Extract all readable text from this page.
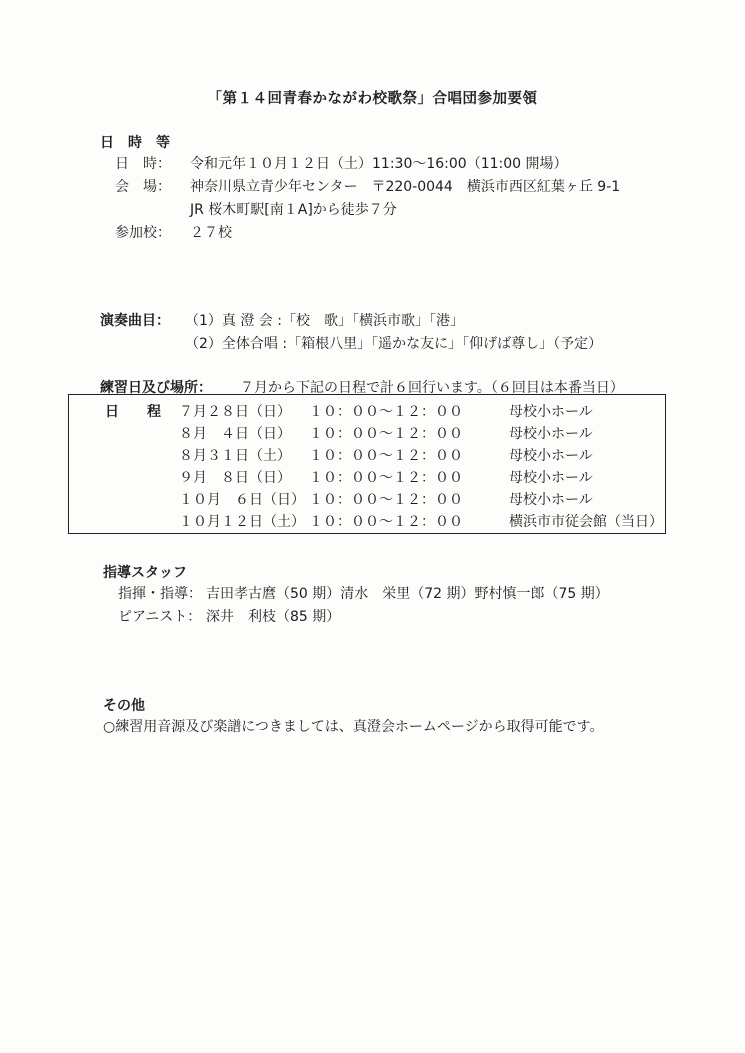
「第１４回青春かながわ校歌祭」合唱団参加要領
日　時　等
日　時： 令和元年１０月１２日（土）11:30～16:00（11:00 開場）
会　場： 神奈川県立青少年センター　〒220-0044　横浜市西区紅葉ヶ丘 9-1
JR 桜木町駅[南１A]から徒歩７分
参加校： ２７校
演奏曲目： （1）真 澄 会 :「校　歌」「横浜市歌」「港」
（2）全体合唱 :「箱根八里」「遥かな友に」「仰げば尊し」（予定）
練習日及び場所： ７月から下記の日程で計６回行います。（６回目は本番当日）
日　　程 ７月２８日（日） １０：００～１２：００	母校小ホール
８月　４日（日） １０：００～１２：００	母校小ホール
８月３１日（土） １０：００～１２：００	母校小ホール
９月　８日（日） １０：００～１２：００	母校小ホール
１０月　６日（日） １０：００～１２：００	母校小ホール
１０月１２日（土） １０：００～１２：００	横浜市市従会館（当日）
指導スタッフ
指揮・指導： 吉田孝古麿（50 期）清水　栄里（72 期）野村慎一郎（75 期）
ピアニスト： 深井　利枝（85 期）
その他
○練習用音源及び楽譜につきましては、真澄会ホームページから取得可能です。
